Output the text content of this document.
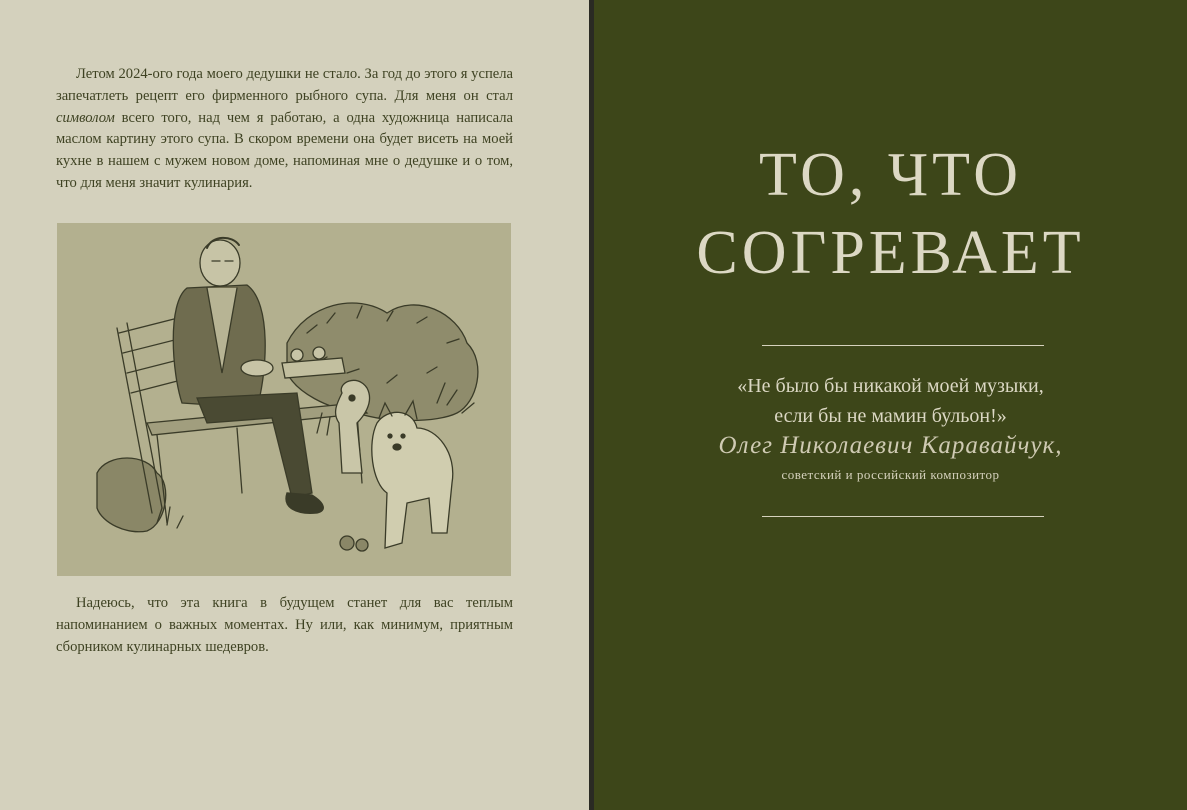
Летом 2024-ого года моего дедушки не стало. За год до этого я успела запечатлеть рецепт его фирменного рыбного супа. Для меня он стал символом всего того, над чем я работаю, а одна художница написала маслом картину этого супа. В скором времени она будет висеть на моей кухне в нашем с мужем новом доме, напоминая мне о дедушке и о том, что для меня значит кулинария.

Надеюсь, что эта книга в будущем станет для вас теплым напоминанием о важных моментах. Ну или, как минимум, приятным сборником кулинарных шедевров.

ТО, ЧТО
СОГРЕВАЕТ

«Не было бы никакой моей музыки,

если бы не мамин бульон!»

Олег Николаевич Каравайчук,
советский и российский композитор
